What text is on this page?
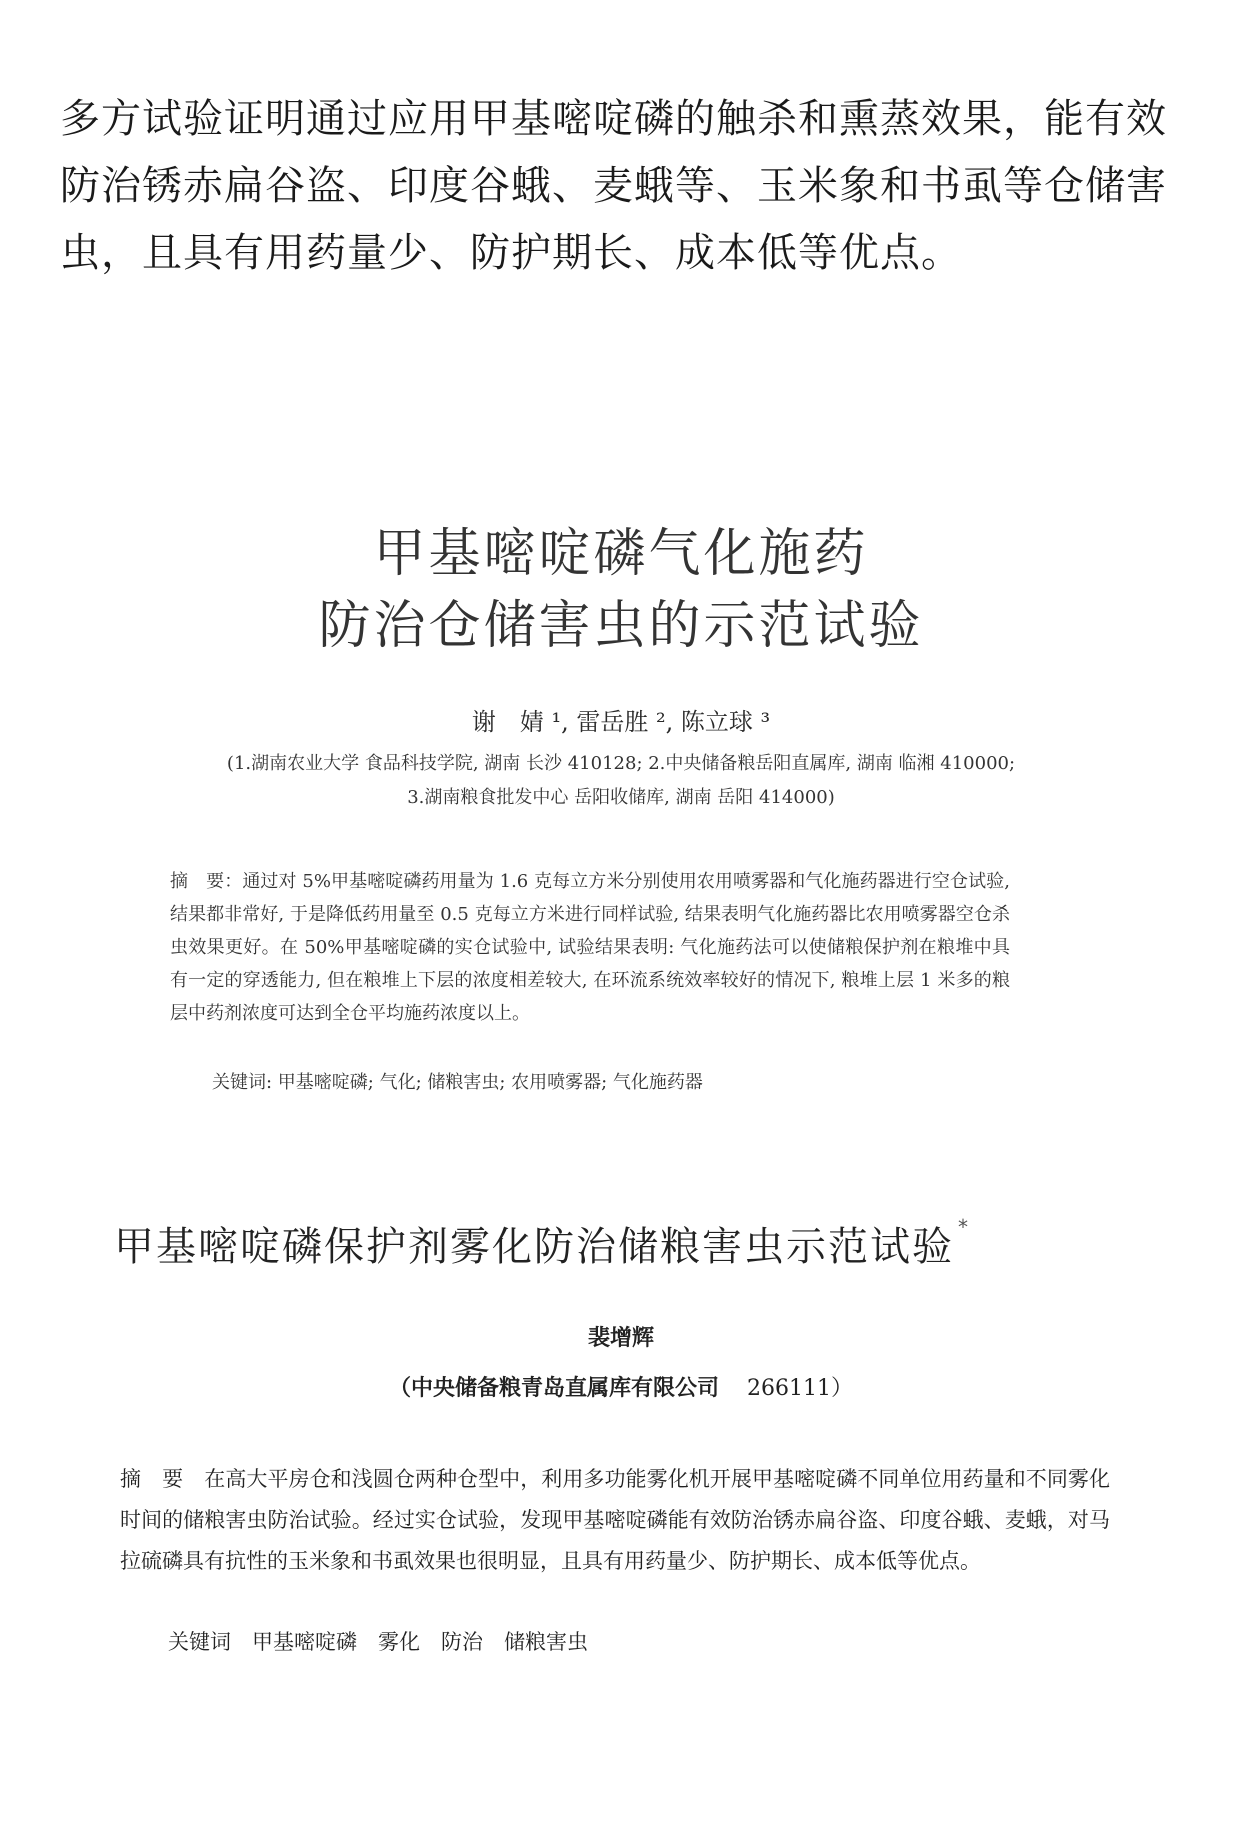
多方试验证明通过应用甲基嘧啶磷的触杀和熏蒸效果，能有效防治锈赤扁谷盗、印度谷蛾、麦蛾等、玉米象和书虱等仓储害虫，且具有用药量少、防护期长、成本低等优点。
甲基嘧啶磷气化施药
防治仓储害虫的示范试验
谢　婧 ¹, 雷岳胜 ², 陈立球 ³
(1.湖南农业大学 食品科技学院, 湖南 长沙 410128; 2.中央储备粮岳阳直属库, 湖南 临湘 410000;
3.湖南粮食批发中心 岳阳收储库, 湖南 岳阳 414000)
摘　要：通过对 5%甲基嘧啶磷药用量为 1.6 克每立方米分别使用农用喷雾器和气化施药器进行空仓试验, 结果都非常好, 于是降低药用量至 0.5 克每立方米进行同样试验, 结果表明气化施药器比农用喷雾器空仓杀虫效果更好。在 50%甲基嘧啶磷的实仓试验中, 试验结果表明: 气化施药法可以使储粮保护剂在粮堆中具有一定的穿透能力, 但在粮堆上下层的浓度相差较大, 在环流系统效率较好的情况下, 粮堆上层 1 米多的粮层中药剂浓度可达到全仓平均施药浓度以上。
关键词: 甲基嘧啶磷; 气化; 储粮害虫; 农用喷雾器; 气化施药器
甲基嘧啶磷保护剂雾化防治储粮害虫示范试验 *
裴增辉
（中央储备粮青岛直属库有限公司 266111）
摘　要　在高大平房仓和浅圆仓两种仓型中，利用多功能雾化机开展甲基嘧啶磷不同单位用药量和不同雾化时间的储粮害虫防治试验。经过实仓试验，发现甲基嘧啶磷能有效防治锈赤扁谷盗、印度谷蛾、麦蛾，对马拉硫磷具有抗性的玉米象和书虱效果也很明显，且具有用药量少、防护期长、成本低等优点。
关键词　甲基嘧啶磷　雾化　防治　储粮害虫
